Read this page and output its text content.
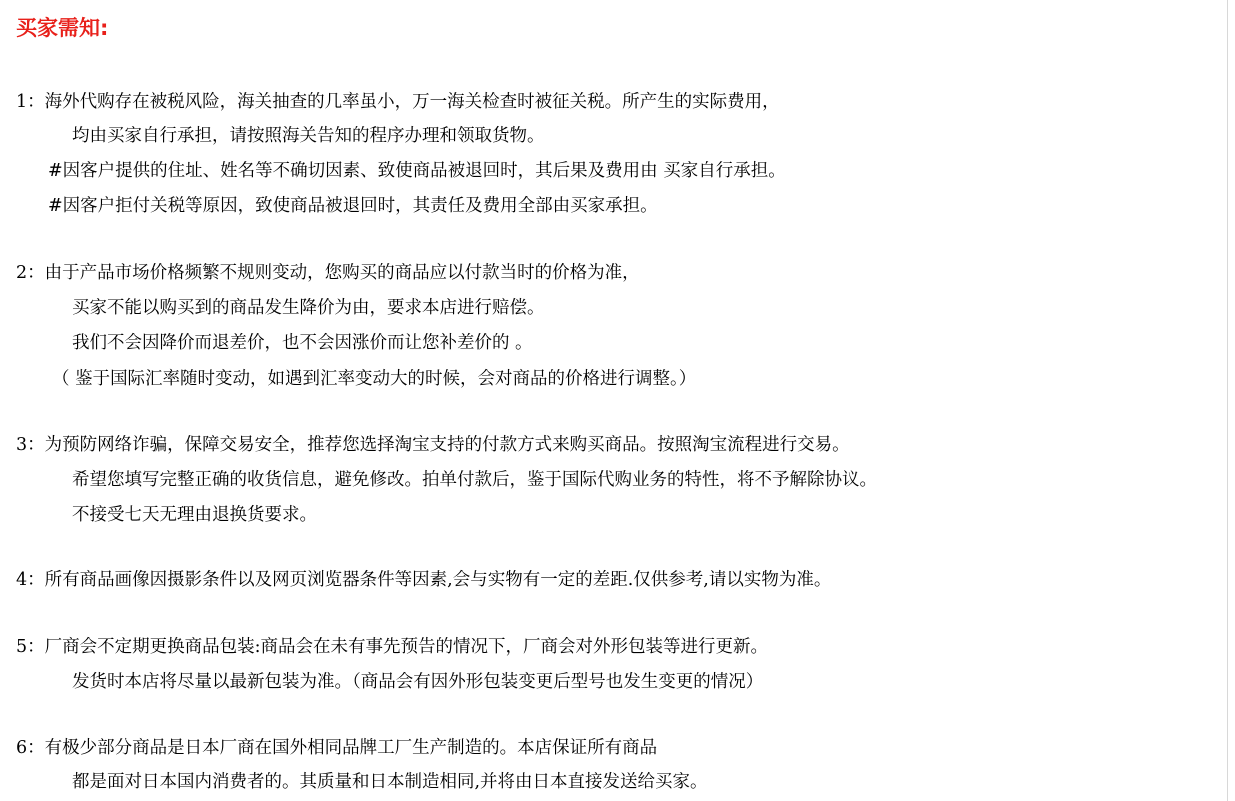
买家需知:

1：海外代购存在被税风险，海关抽查的几率虽小，万一海关检查时被征关税。所产生的实际费用，

均由买家自行承担，请按照海关告知的程序办理和领取货物。

#因客户提供的住址、姓名等不确切因素、致使商品被退回时，其后果及费用由 买家自行承担。

#因客户拒付关税等原因，致使商品被退回时，其责任及费用全部由买家承担。

2：由于产品市场价格频繁不规则变动，您购买的商品应以付款当时的价格为准，

买家不能以购买到的商品发生降价为由，要求本店进行赔偿。

我们不会因降价而退差价，也不会因涨价而让您补差价的 。

（ 鉴于国际汇率随时变动，如遇到汇率变动大的时候，会对商品的价格进行调整。）

3：为预防网络诈骗，保障交易安全，推荐您选择淘宝支持的付款方式来购买商品。按照淘宝流程进行交易。

希望您填写完整正确的收货信息，避免修改。拍单付款后，鉴于国际代购业务的特性，将不予解除协议。

不接受七天无理由退换货要求。

4：所有商品画像因摄影条件以及网页浏览器条件等因素,会与实物有一定的差距.仅供参考,请以实物为准。

5：厂商会不定期更换商品包装:商品会在未有事先预告的情况下，厂商会对外形包装等进行更新。

发货时本店将尽量以最新包装为准。（商品会有因外形包装变更后型号也发生变更的情况）

6：有极少部分商品是日本厂商在国外相同品牌工厂生产制造的。本店保证所有商品

都是面对日本国内消费者的。其质量和日本制造相同,并将由日本直接发送给买家。
